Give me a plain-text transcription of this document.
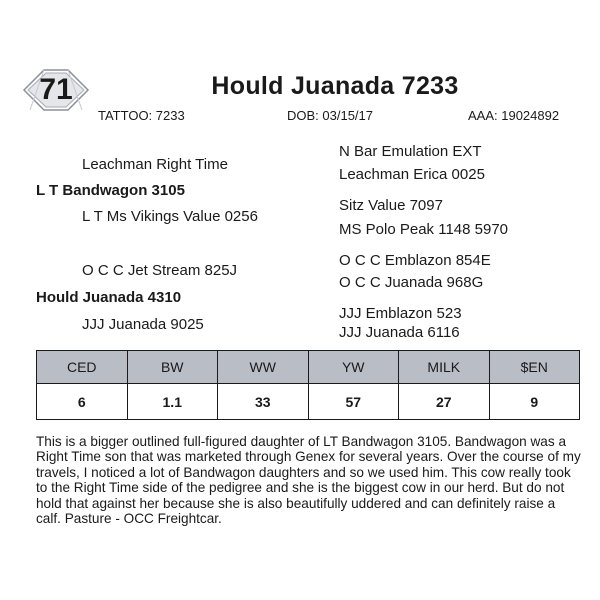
71	Hould Juanada 7233
TATTOO: 7233	DOB: 03/15/17	AAA: 19024892
Leachman Right Time
L T Bandwagon 3105
L T Ms Vikings Value 0256
O C C Jet Stream 825J
Hould Juanada 4310
JJJ Juanada 9025
N Bar Emulation EXT
Leachman Erica 0025
Sitz Value 7097
MS Polo Peak 1148 5970
O C C Emblazon 854E
O C C Juanada 968G
JJJ Emblazon 523
JJJ Juanada 6116
CED	BW	WW	YW	MILK	$EN
6	1.1	33	57	27	9
This is a bigger outlined full-figured daughter of LT Bandwagon 3105. Bandwagon was a Right Time son that was marketed through Genex for several years. Over the course of my travels, I noticed a lot of Bandwagon daughters and so we used him. This cow really took to the Right Time side of the pedigree and she is the biggest cow in our herd. But do not hold that against her because she is also beautifully uddered and can definitely raise a calf. Pasture - OCC Freightcar.
